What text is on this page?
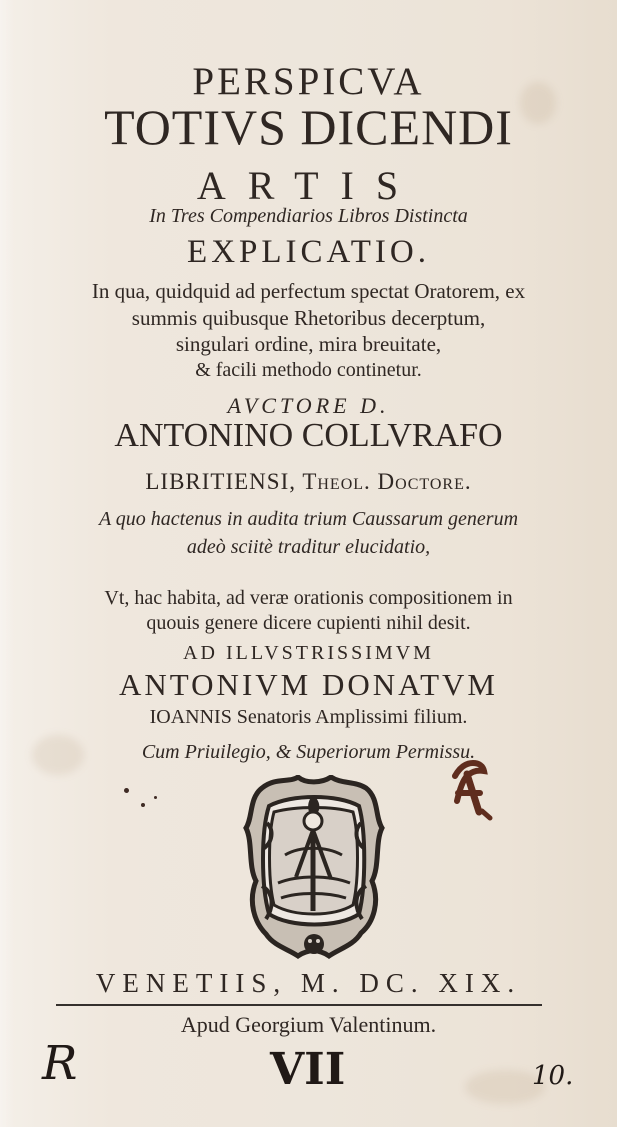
PERSPICVA
TOTIVS DICENDI
ARTIS
In Tres Compendiarios Libros Distincta
EXPLICATIO.
In qua, quidquid ad perfectum spectat Oratorem, ex
summis quibusque Rhetoribus decerptum,
singulari ordine, mira breuitate,
& facili methodo continetur.
AVCTORE D.
ANTONINO COLLVRAFO
LIBRITIENSI, Theol. Doctore.
A quo hactenus in audita trium Caussarum generum
adeò sciitè traditur elucidatio,
Vt, hac habita, ad veræ orationis compositionem in
quouis genere dicere cupienti nihil desit.
AD ILLVSTRISSIMVM
ANTONIVM DONATVM
IOANNIS Senatoris Amplissimi filium.
Cum Priuilegio, & Superiorum Permissu.
VENETIIS, M. DC. XIX.
Apud Georgium Valentinum.
R	VII	10.
